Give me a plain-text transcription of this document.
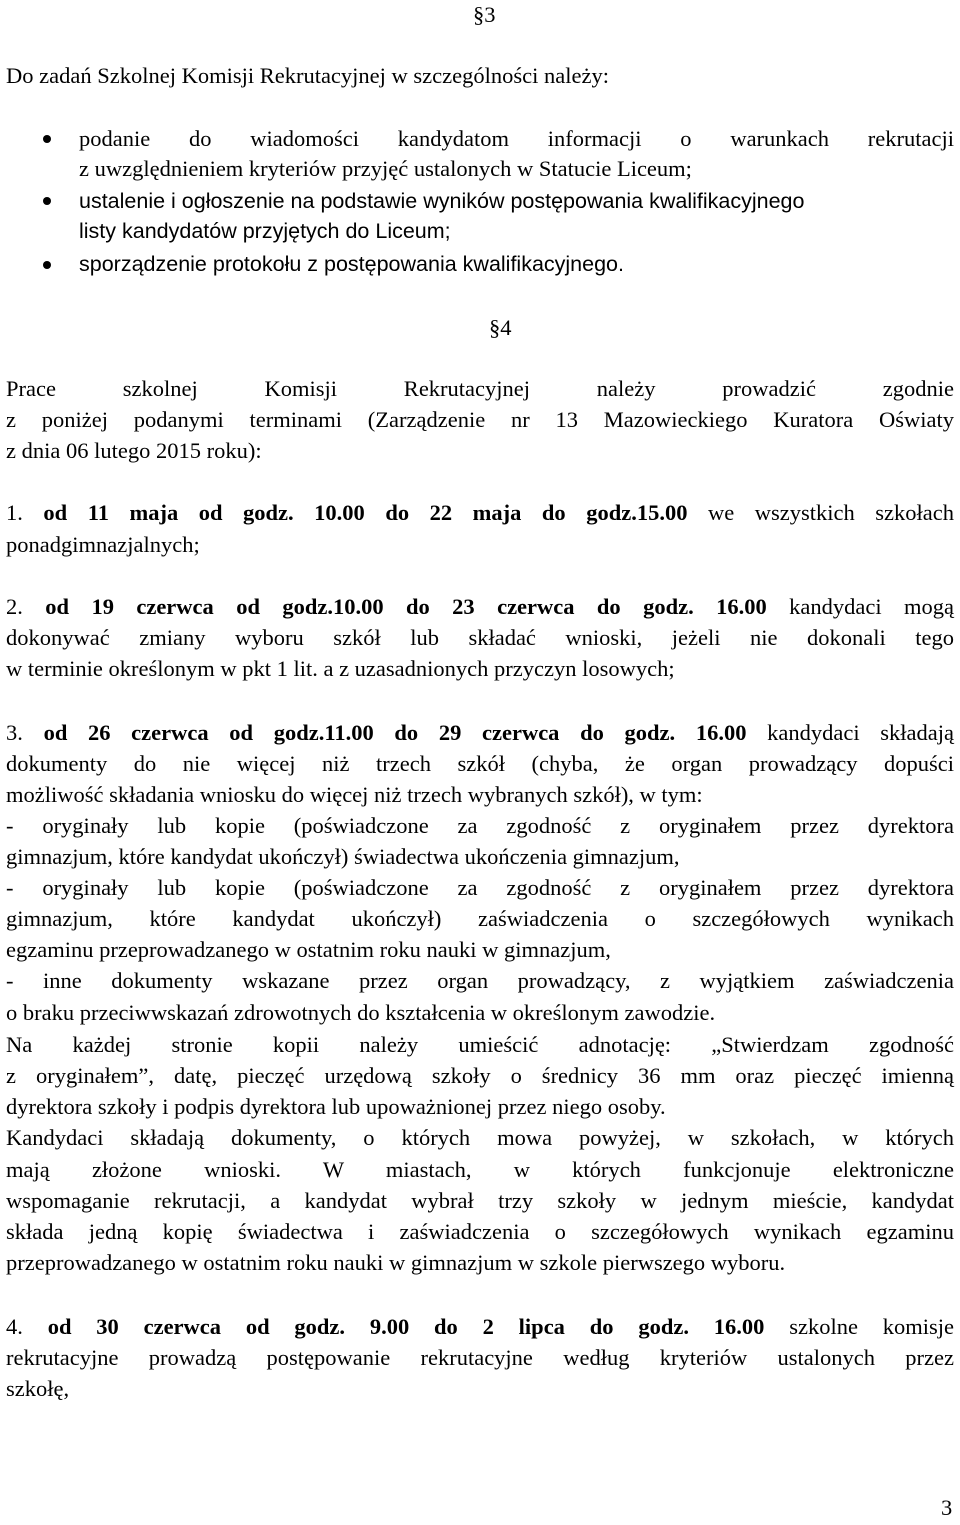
§3
Do zadań Szkolnej Komisji Rekrutacyjnej w szczególności należy:
podanie do wiadomości kandydatom informacji o warunkach rekrutacji
z uwzględnieniem kryteriów przyjęć ustalonych w Statucie Liceum;
ustalenie i ogłoszenie na podstawie wyników postępowania kwalifikacyjnego
listy kandydatów przyjętych do Liceum;
sporządzenie protokołu z postępowania kwalifikacyjnego.
§4
Prace szkolnej Komisji Rekrutacyjnej należy prowadzić zgodnie
z poniżej podanymi terminami (Zarządzenie nr 13 Mazowieckiego Kuratora Oświaty
z dnia 06 lutego 2015 roku):
1. od 11 maja od godz. 10.00 do 22 maja do godz.15.00 we wszystkich szkołach
ponadgimnazjalnych;
2. od 19 czerwca od godz.10.00 do 23 czerwca do godz. 16.00 kandydaci mogą
dokonywać zmiany wyboru szkół lub składać wnioski, jeżeli nie dokonali tego
w terminie określonym w pkt 1 lit. a z uzasadnionych przyczyn losowych;
3. od 26 czerwca od godz.11.00 do 29 czerwca do godz. 16.00 kandydaci składają
dokumenty do nie więcej niż trzech szkół (chyba, że organ prowadzący dopuści
możliwość składania wniosku do więcej niż trzech wybranych szkół), w tym:
- oryginały lub kopie (poświadczone za zgodność z oryginałem przez dyrektora
gimnazjum, które kandydat ukończył) świadectwa ukończenia gimnazjum,
- oryginały lub kopie (poświadczone za zgodność z oryginałem przez dyrektora
gimnazjum, które kandydat ukończył) zaświadczenia o szczegółowych wynikach
egzaminu przeprowadzanego w ostatnim roku nauki w gimnazjum,
- inne dokumenty wskazane przez organ prowadzący, z wyjątkiem zaświadczenia
o braku przeciwwskazań zdrowotnych do kształcenia w określonym zawodzie.
Na każdej stronie kopii należy umieścić adnotację: „Stwierdzam zgodność
z oryginałem”, datę, pieczęć urzędową szkoły o średnicy 36 mm oraz pieczęć imienną
dyrektora szkoły i podpis dyrektora lub upoważnionej przez niego osoby.
Kandydaci składają dokumenty, o których mowa powyżej, w szkołach, w których
mają złożone wnioski. W miastach, w których funkcjonuje elektroniczne
wspomaganie rekrutacji, a kandydat wybrał trzy szkoły w jednym mieście, kandydat
składa jedną kopię świadectwa i zaświadczenia o szczegółowych wynikach egzaminu
przeprowadzanego w ostatnim roku nauki w gimnazjum w szkole pierwszego wyboru.
4. od 30 czerwca od godz. 9.00 do 2 lipca do godz. 16.00 szkolne komisje
rekrutacyjne prowadzą postępowanie rekrutacyjne według kryteriów ustalonych przez
szkołę,
3
